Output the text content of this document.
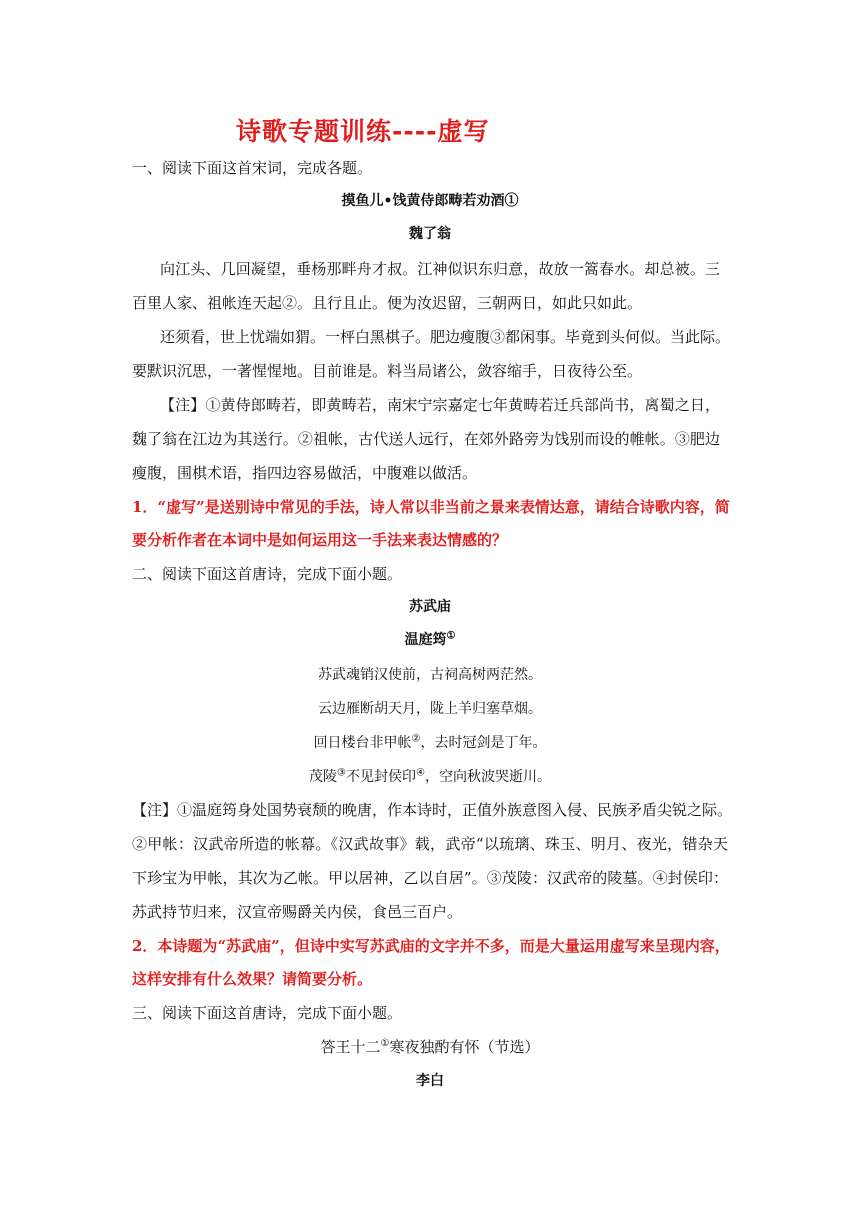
诗歌专题训练----虚写
一、阅读下面这首宋词，完成各题。
摸鱼儿•饯黄侍郎畴若劝酒①
魏了翁
向江头、几回凝望，垂杨那畔舟才叔。江神似识东归意，故放一篙春水。却总被。三
百里人家、祖帐连天起②。且行且止。便为汝迟留，三朝两日，如此只如此。
还须看，世上忧端如猬。一枰白黑棋子。肥边瘦腹③都闲事。毕竟到头何似。当此际。
要默识沉思，一著惺惺地。目前谁是。料当局诸公，敛容缩手，日夜待公至。
【注】①黄侍郎畴若，即黄畴若，南宋宁宗嘉定七年黄畴若迁兵部尚书，离蜀之日，
魏了翁在江边为其送行。②祖帐，古代送人远行，在郊外路旁为饯别而设的帷帐。③肥边
瘦腹，围棋术语，指四边容易做活，中腹难以做活。
1．“虚写”是送别诗中常见的手法，诗人常以非当前之景来表情达意，请结合诗歌内容，简
要分析作者在本词中是如何运用这一手法来表达情感的？
二、阅读下面这首唐诗，完成下面小题。
苏武庙
温庭筠①
苏武魂销汉使前，古祠高树两茫然。
云边雁断胡天月，陇上羊归塞草烟。
回日楼台非甲帐②，去时冠剑是丁年。
茂陵③不见封侯印④，空向秋波哭逝川。
【注】①温庭筠身处国势衰颓的晚唐，作本诗时，正值外族意图入侵、民族矛盾尖锐之际。
②甲帐：汉武帝所造的帐幕。《汉武故事》载，武帝“以琉璃、珠玉、明月、夜光，错杂天
下珍宝为甲帐，其次为乙帐。甲以居神，乙以自居”。③茂陵：汉武帝的陵墓。④封侯印：
苏武持节归来，汉宣帝赐爵关内侯，食邑三百户。
2．本诗题为“苏武庙”，但诗中实写苏武庙的文字并不多，而是大量运用虚写来呈现内容，
这样安排有什么效果？请简要分析。
三、阅读下面这首唐诗，完成下面小题。
答王十二①寒夜独酌有怀（节选）
李白
